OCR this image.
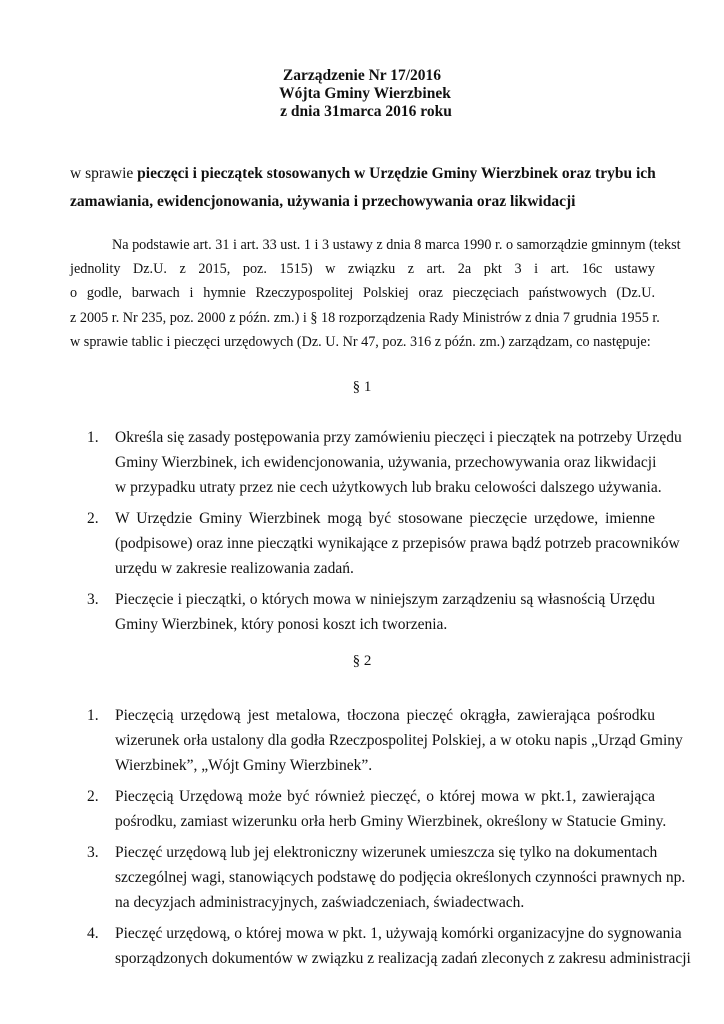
Zarządzenie Nr 17/2016
Wójta Gminy Wierzbinek
z dnia 31marca 2016 roku
w sprawie pieczęci i pieczątek stosowanych w Urzędzie Gminy Wierzbinek oraz trybu ich
zamawiania, ewidencjonowania, używania i przechowywania oraz likwidacji
Na podstawie art. 31 i art. 33 ust. 1 i 3 ustawy z dnia 8 marca 1990 r. o samorządzie gminnym (tekst
jednolity Dz.U. z 2015, poz. 1515) w związku z art. 2a pkt 3 i art. 16c ustawy
o godle, barwach i hymnie Rzeczypospolitej Polskiej oraz pieczęciach państwowych (Dz.U.
z 2005 r. Nr 235, poz. 2000 z późn. zm.) i § 18 rozporządzenia Rady Ministrów z dnia 7 grudnia 1955 r.
w sprawie tablic i pieczęci urzędowych (Dz. U. Nr 47, poz. 316 z późn. zm.) zarządzam, co następuje:
§ 1
1. Określa się zasady postępowania przy zamówieniu pieczęci i pieczątek na potrzeby Urzędu
Gminy Wierzbinek, ich ewidencjonowania, używania, przechowywania oraz likwidacji
w przypadku utraty przez nie cech użytkowych lub braku celowości dalszego używania.
2. W Urzędzie Gminy Wierzbinek mogą być stosowane pieczęcie urzędowe, imienne
(podpisowe) oraz inne pieczątki wynikające z przepisów prawa bądź potrzeb pracowników
urzędu w zakresie realizowania zadań.
3. Pieczęcie i pieczątki, o których mowa w niniejszym zarządzeniu są własnością Urzędu
Gminy Wierzbinek, który ponosi koszt ich tworzenia.
§ 2
1. Pieczęcią urzędową jest metalowa, tłoczona pieczęć okrągła, zawierająca pośrodku
wizerunek orła ustalony dla godła Rzeczpospolitej Polskiej, a w otoku napis „Urząd Gminy
Wierzbinek”, „Wójt Gminy Wierzbinek”.
2. Pieczęcią Urzędową może być również pieczęć, o której mowa w pkt.1, zawierająca
pośrodku, zamiast wizerunku orła herb Gminy Wierzbinek, określony w Statucie Gminy.
3. Pieczęć urzędową lub jej elektroniczny wizerunek umieszcza się tylko na dokumentach
szczególnej wagi, stanowiących podstawę do podjęcia określonych czynności prawnych np.
na decyzjach administracyjnych, zaświadczeniach, świadectwach.
4. Pieczęć urzędową, o której mowa w pkt. 1, używają komórki organizacyjne do sygnowania
sporządzonych dokumentów w związku z realizacją zadań zleconych z zakresu administracji
